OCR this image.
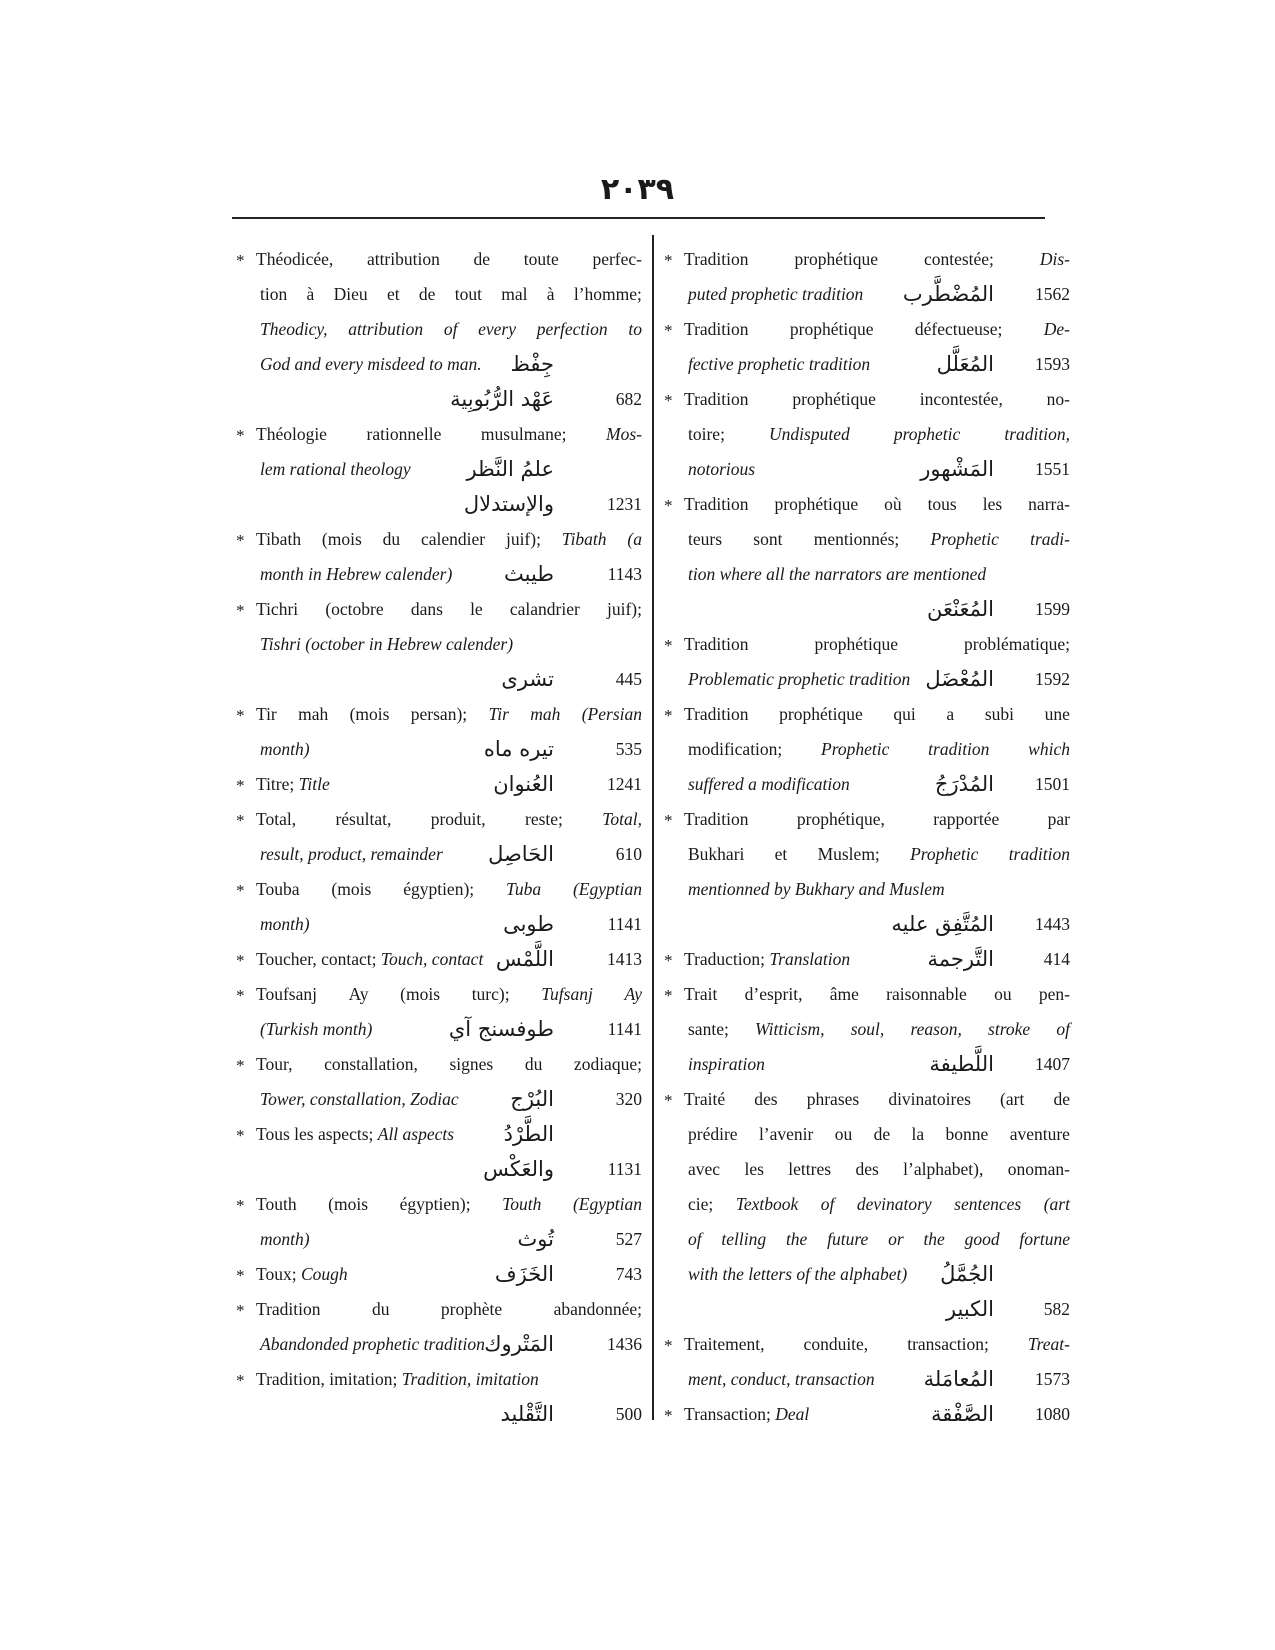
٢٠٣٩
* Théodicée, attribution de toute perfec-
tion à Dieu et de tout mal à l’homme;
Theodicy, attribution of every perfection to
God and every misdeed to man. جِفْظ
عَهْد الرُّبُوبِية	682
* Théologie rationnelle musulmane; Mos-
lem rational theology	علمُ النَّظر
والإستدلال	1231
* Tibath (mois du calendier juif); Tibath (a
month in Hebrew calender) طيبث	1143
* Tichri (octobre dans le calandrier juif);
Tishri (october in Hebrew calender)
تشرى	445
* Tir mah (mois persan); Tir mah (Persian
month)	تيره ماه	535
* Titre; Title	العُنوان	1241
* Total, résultat, produit, reste; Total,
result, product, remainder الحَاصِل	610
* Touba (mois égyptien); Tuba (Egyptian
month)	طوبى	1141
* Toucher, contact; Touch, contact اللَّمْس	1413
* Toufsanj Ay (mois turc); Tufsanj Ay
(Turkish month)	طوفسنج آي	1141
* Tour, constallation, signes du zodiaque;
Tower, constallation, Zodiac البُرْج	320
* Tous les aspects; All aspects الطَّرْدُ
والعَكْس	1131
* Touth (mois égyptien); Touth (Egyptian
month)	تُوث	527
* Toux; Cough	الخَزَف	743
* Tradition	du	prophète	abandonnée;
Abandonded prophetic tradition المَتْروك	1436
* Tradition, imitation; Tradition, imitation
التَّقْليد	500
* Tradition	prophétique	contestée;	Dis-
puted prophetic tradition المُضْطَّرب	1562
* Tradition prophétique défectueuse; De-
fective prophetic tradition	المُعَلَّل	1593
* Tradition	prophétique	incontestée,	no-
toire;	Undisputed	prophetic	tradition,
notorious	المَشْهور	1551
* Tradition prophétique où tous les narra-
teurs sont mentionnés; Prophetic tradi-
tion where all the narrators are mentioned
المُعَنْعَن	1599
* Tradition	prophétique	problématique;
Problematic prophetic tradition المُعْضَل	1592
* Tradition prophétique qui a subi une
modification; Prophetic tradition which
suffered a modification	المُدْرَجُ	1501
* Tradition	prophétique,	rapportée	par
Bukhari et Muslem; Prophetic tradition
mentionned by Bukhary and Muslem
المُتَّفِق عليه	1443
* Traduction; Translation	التَّرجمة	414
* Trait d’esprit, âme raisonnable ou pen-
sante; Witticism, soul, reason, stroke of
inspiration	اللَّطيفة	1407
* Traité des phrases divinatoires (art de
prédire l’avenir ou de la bonne aventure
avec les lettres des l’alphabet), onoman-
cie; Textbook of devinatory sentences (art
of telling the future or the good fortune
with the letters of the alphabet) الجُمَّلُ
الكبير	582
* Traitement, conduite, transaction; Treat-
ment, conduct, transaction المُعامَلة	1573
* Transaction; Deal	الصَّفْقة	1080
